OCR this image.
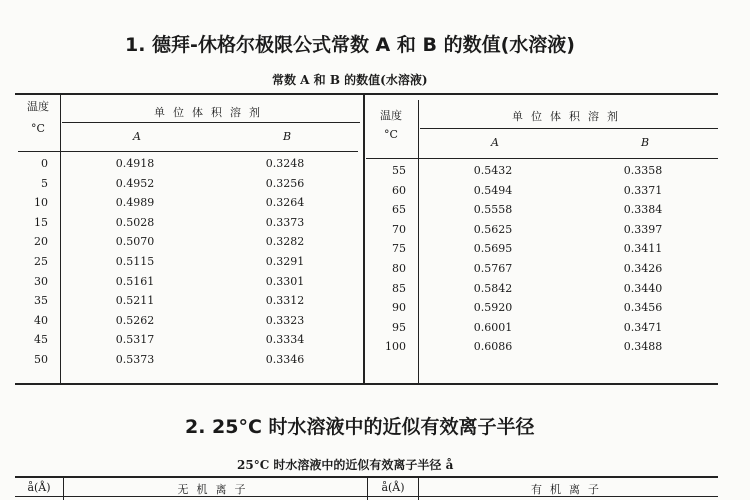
1. 德拜-休格尔极限公式常数 A 和 B 的数值(水溶液)
常数 A 和 B 的数值(水溶液)
温度
°C
单位体积溶剂
A	B
温度
°C
单位体积溶剂
A	B
0	0.4918	0.3248
5	0.4952	0.3256
10	0.4989	0.3264
15	0.5028	0.3373
20	0.5070	0.3282
25	0.5115	0.3291
30	0.5161	0.3301
35	0.5211	0.3312
40	0.5262	0.3323
45	0.5317	0.3334
50	0.5373	0.3346
55	0.5432	0.3358
60	0.5494	0.3371
65	0.5558	0.3384
70	0.5625	0.3397
75	0.5695	0.3411
80	0.5767	0.3426
85	0.5842	0.3440
90	0.5920	0.3456
95	0.6001	0.3471
100	0.6086	0.3488
2. 25°C 时水溶液中的近似有效离子半径
25°C 时水溶液中的近似有效离子半径 å
å(Å)	无机离子	å(Å)	有机离子
